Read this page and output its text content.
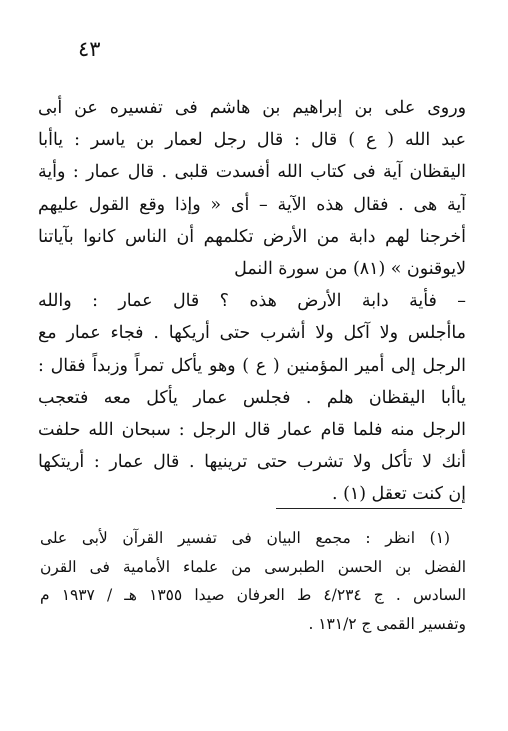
٤٣
وروى على بن إبراهيم بن هاشم فى تفسيره عن أبى
عبد الله ( ع ) قال : قال رجل لعمار بن ياسر : ياأبا
اليقظان آية فى كتاب الله أفسدت قلبى . قال عمار : وأية
آية هى . فقال هذه الآية – أى « وإذا وقع القول عليهم
أخرجنا لهم دابة من الأرض تكلمهم أن الناس كانوا بآياتنا
لايوقنون » (٨١) من سورة النمل
– فأية دابة الأرض هذه ؟ قال عمار : والله
ماأجلس ولا آكل ولا أشرب حتى أريكها . فجاء عمار مع
الرجل إلى أمير المؤمنين ( ع ) وهو يأكل تمراً وزبداً فقال :
ياأبا اليقظان هلم . فجلس عمار يأكل معه فتعجب
الرجل منه فلما قام عمار قال الرجل : سبحان الله حلفت
أنك لا تأكل ولا تشرب حتى ترينيها . قال عمار : أريتكها
إن كنت تعقل (١) .
(١) انظر : مجمع البيان فى تفسير القرآن لأبى على
الفضل بن الحسن الطبرسى من علماء الأمامية فى القرن
السادس . ج ٤/٢٣٤ ط العرفان صيدا ١٣٥٥ هـ / ١٩٣٧ م
وتفسير القمى ج ١٣١/٢ .
